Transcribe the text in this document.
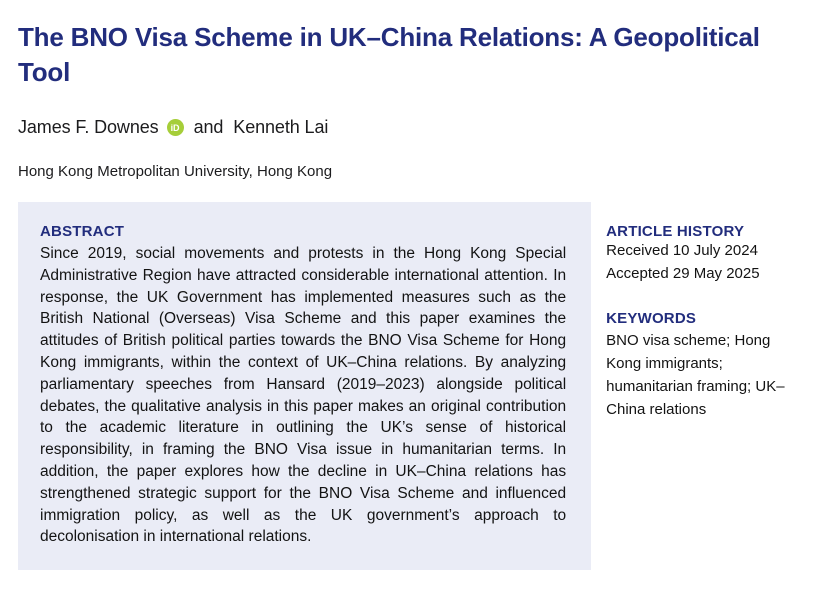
The BNO Visa Scheme in UK–China Relations: A Geopolitical Tool
James F. Downes	iD and Kenneth Lai
Hong Kong Metropolitan University, Hong Kong

ABSTRACT

Since 2019, social movements and protests in the Hong Kong Special Administrative Region have attracted considerable international attention. In response, the UK Government has implemented measures such as the British National (Overseas) Visa Scheme and this paper examines the attitudes of British political parties towards the BNO Visa Scheme for Hong Kong immigrants, within the context of UK–China relations. By analyzing parliamentary speeches from Hansard (2019–2023) alongside political debates, the qualitative analysis in this paper makes an original contribution to the academic literature in outlining the UK’s sense of historical responsibility, in framing the BNO Visa issue in humanitarian terms. In addition, the paper explores how the decline in UK–China relations has strengthened strategic support for the BNO Visa Scheme and influenced immigration policy, as well as the UK government’s approach to decolonisation in international relations.

ARTICLE HISTORY

Received 10 July 2024

Accepted 29 May 2025

KEYWORDS

BNO visa scheme; Hong Kong immigrants; humanitarian framing; UK–China relations
